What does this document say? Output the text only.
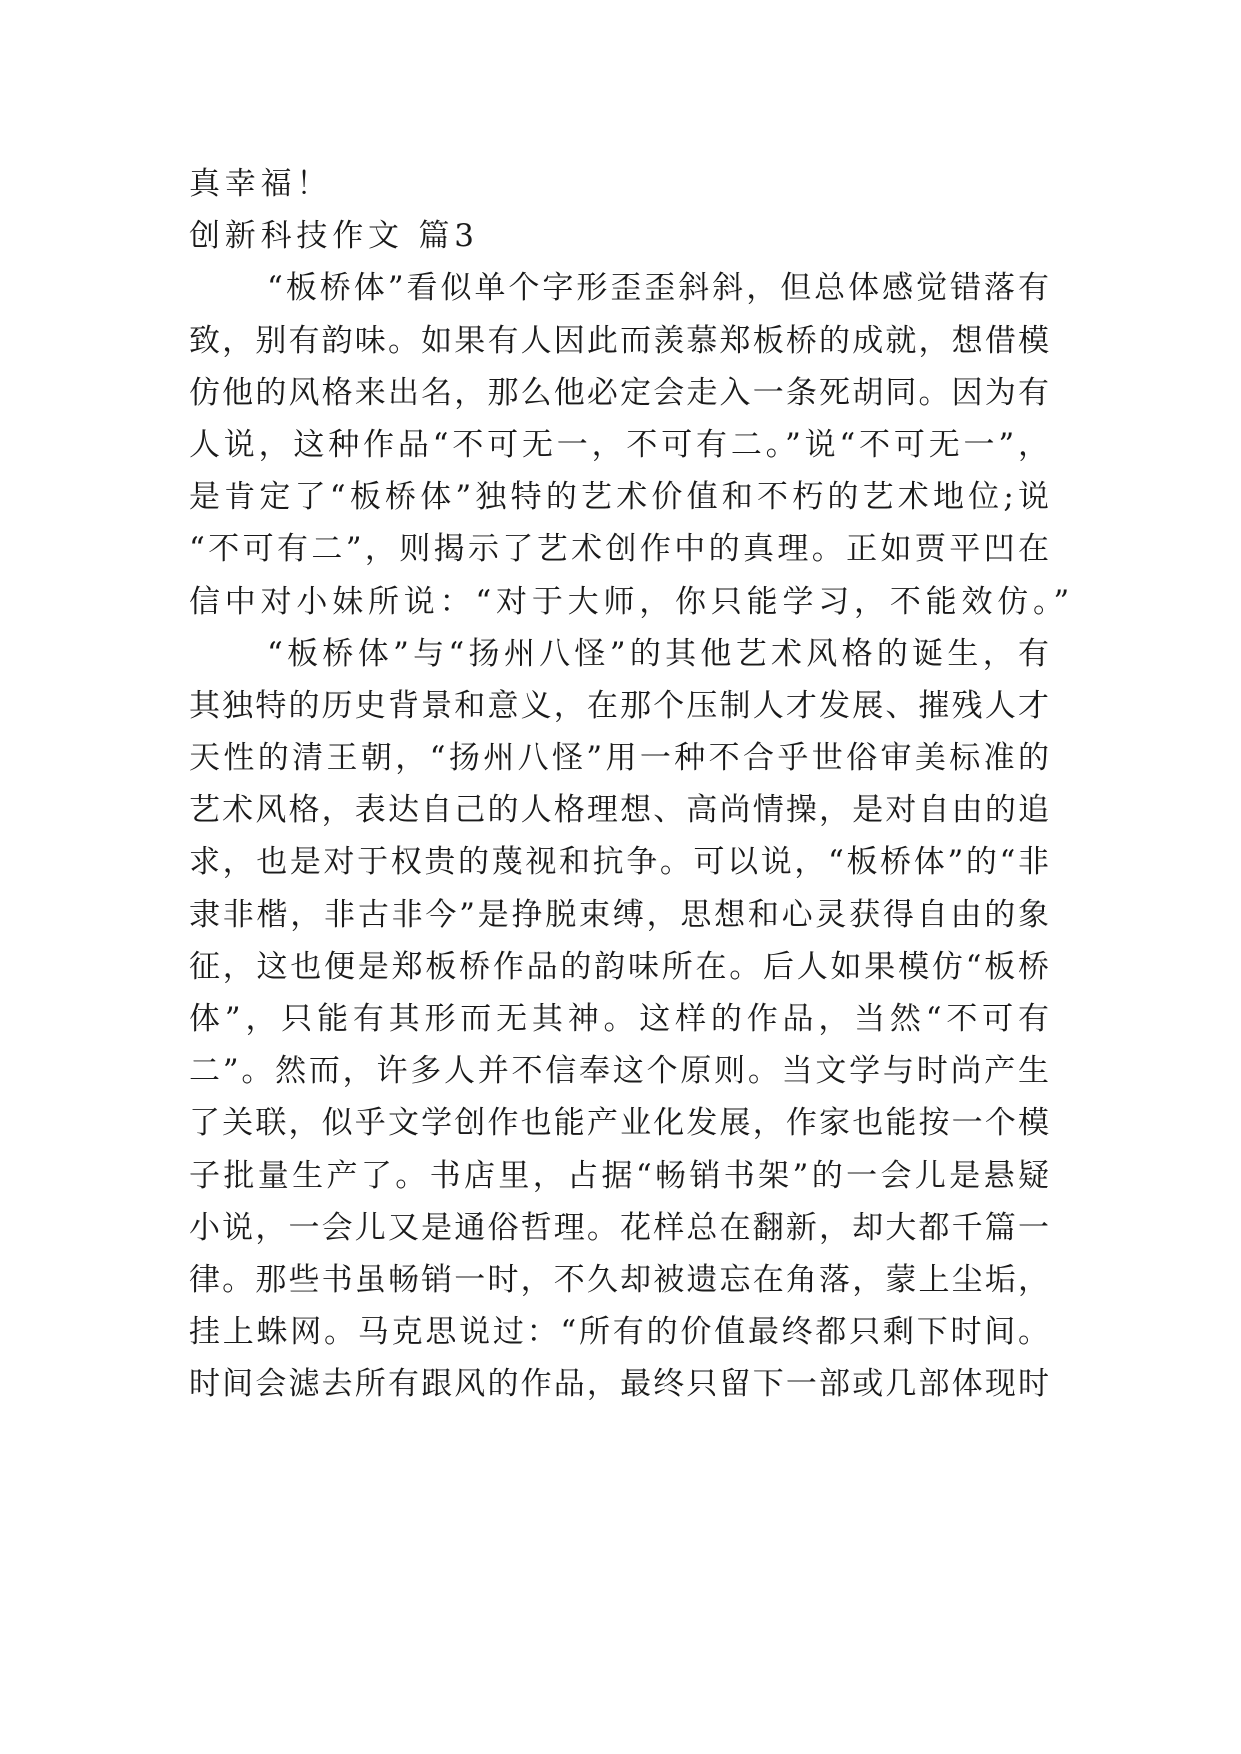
真幸福！
创新科技作文 篇3
“板桥体”看似单个字形歪歪斜斜，但总体感觉错落有
致，别有韵味。如果有人因此而羡慕郑板桥的成就，想借模
仿他的风格来出名，那么他必定会走入一条死胡同。因为有
人说，这种作品“不可无一，不可有二。”说“不可无一”，
是肯定了“板桥体”独特的艺术价值和不朽的艺术地位;说
“不可有二”，则揭示了艺术创作中的真理。正如贾平凹在
信中对小妹所说：“对于大师，你只能学习，不能效仿。”
“板桥体”与“扬州八怪”的其他艺术风格的诞生，有
其独特的历史背景和意义，在那个压制人才发展、摧残人才
天性的清王朝，“扬州八怪”用一种不合乎世俗审美标准的
艺术风格，表达自己的人格理想、高尚情操，是对自由的追
求，也是对于权贵的蔑视和抗争。可以说，“板桥体”的“非
隶非楷，非古非今”是挣脱束缚，思想和心灵获得自由的象
征，这也便是郑板桥作品的韵味所在。后人如果模仿“板桥
体”，只能有其形而无其神。这样的作品，当然“不可有
二”。然而，许多人并不信奉这个原则。当文学与时尚产生
了关联，似乎文学创作也能产业化发展，作家也能按一个模
子批量生产了。书店里，占据“畅销书架”的一会儿是悬疑
小说，一会儿又是通俗哲理。花样总在翻新，却大都千篇一
律。那些书虽畅销一时，不久却被遗忘在角落，蒙上尘垢，
挂上蛛网。马克思说过：“所有的价值最终都只剩下时间。
时间会滤去所有跟风的作品，最终只留下一部或几部体现时
